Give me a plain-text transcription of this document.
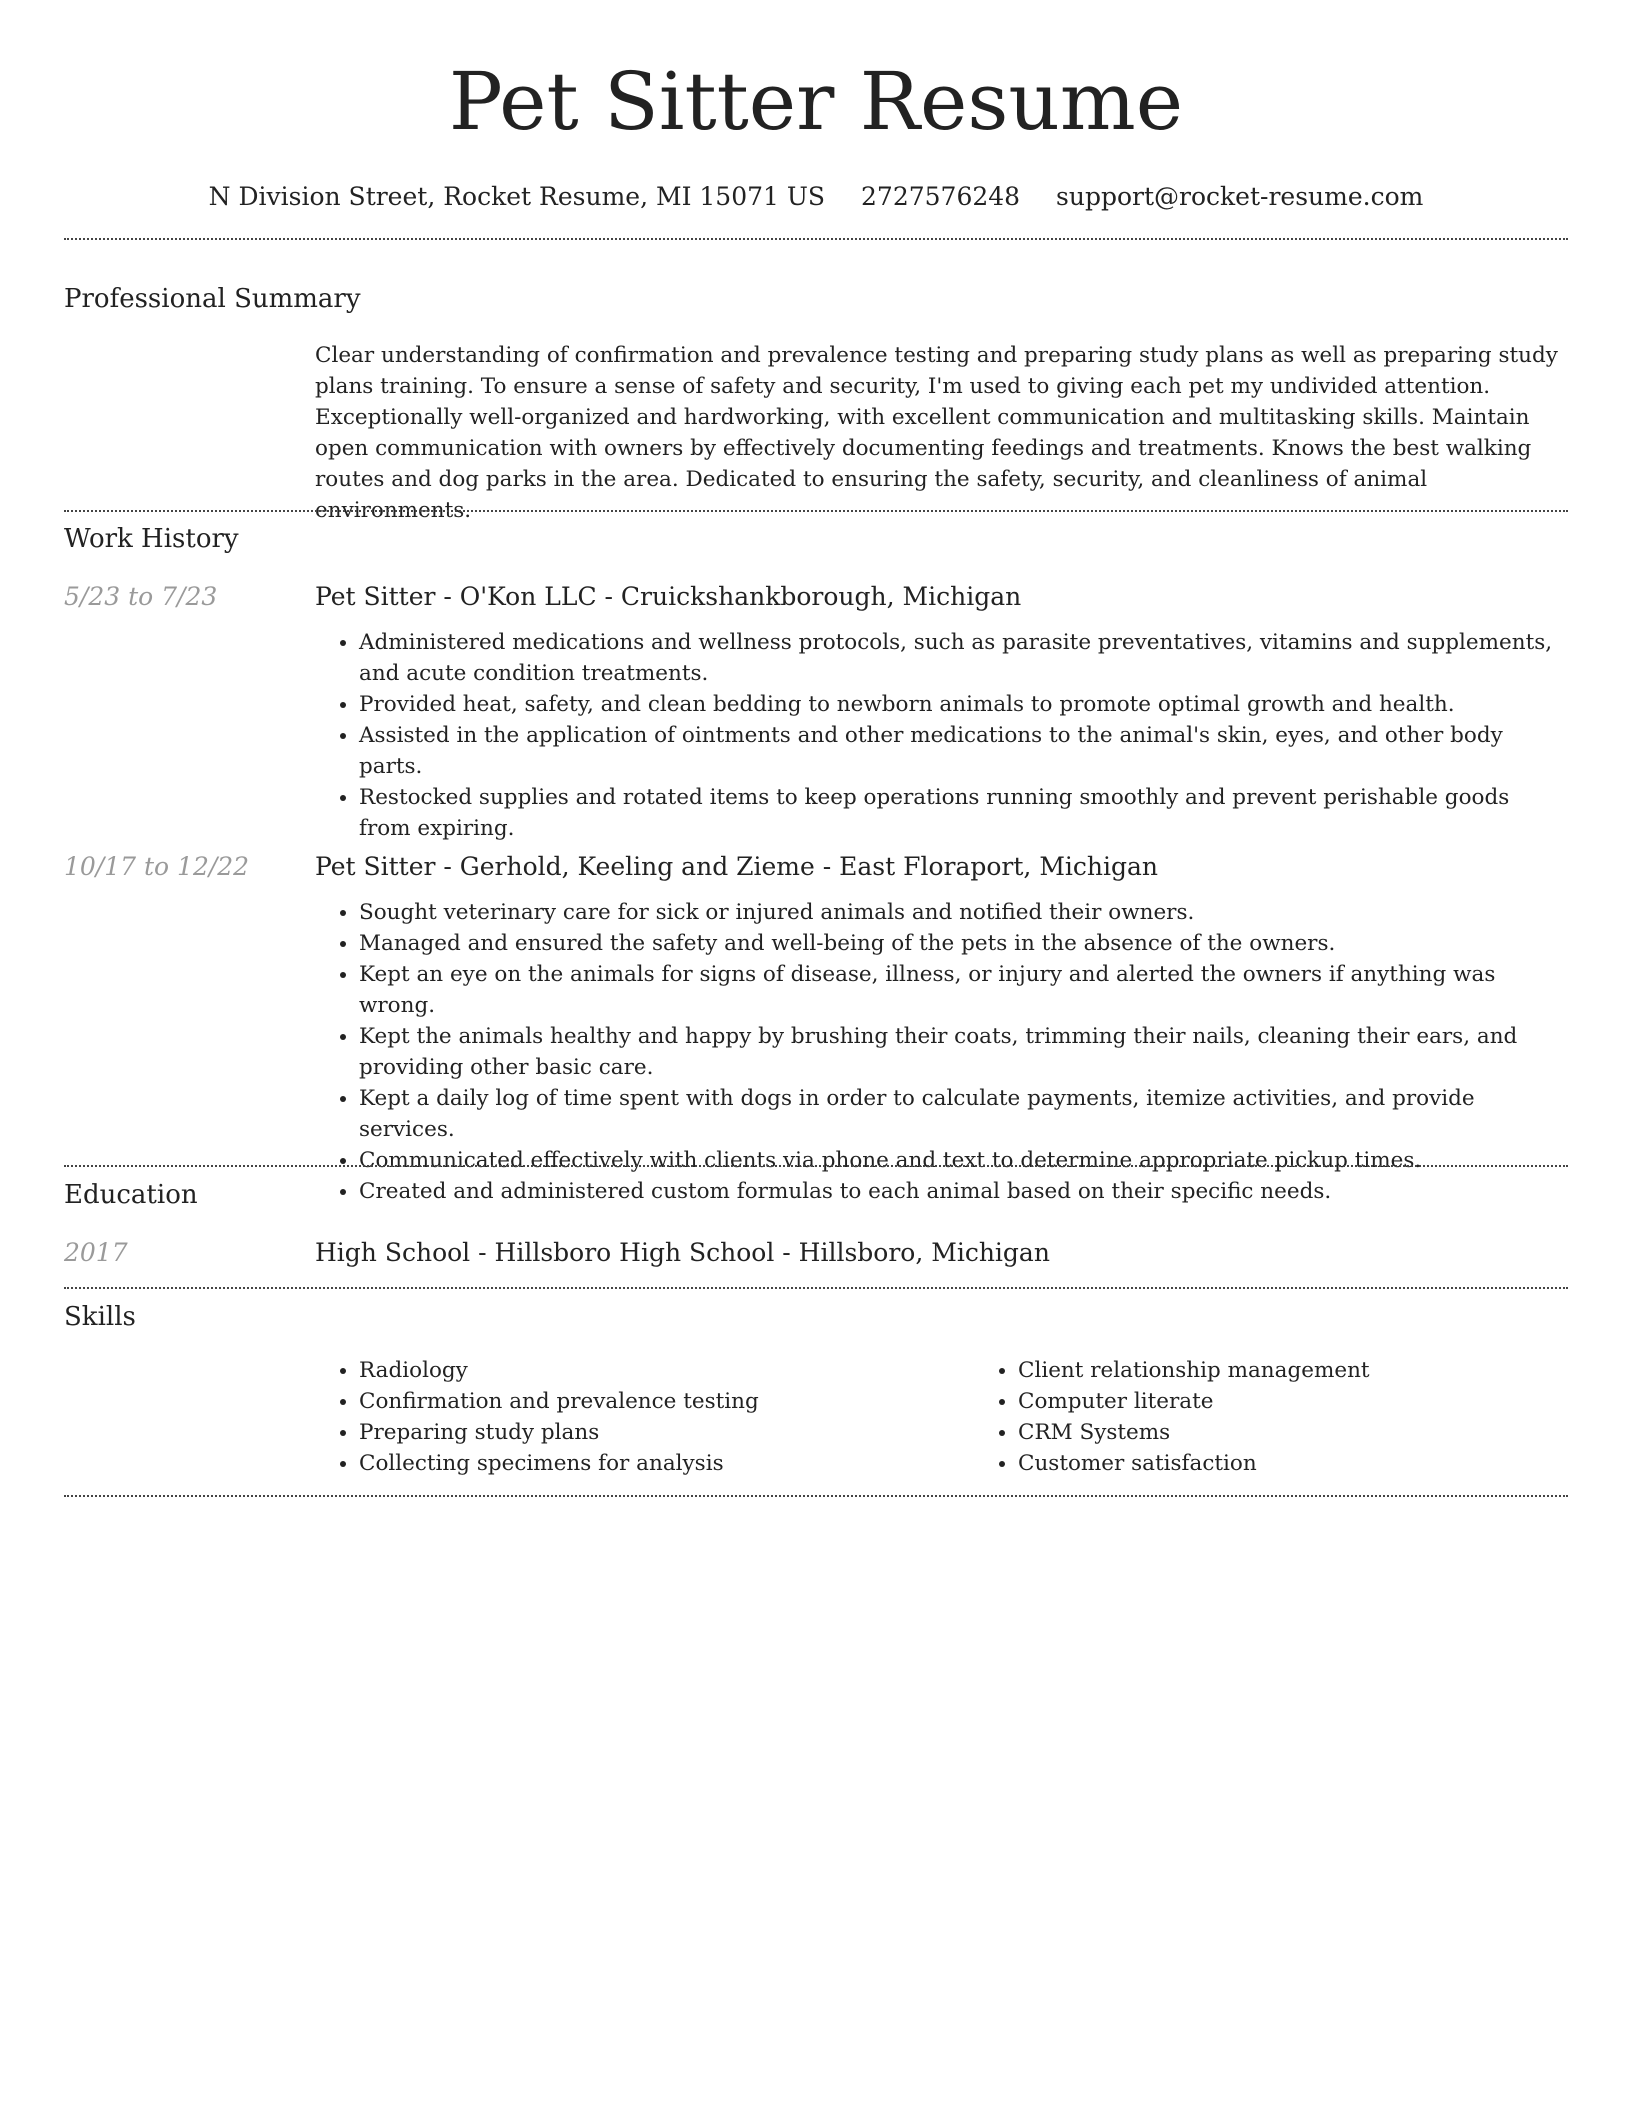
Pet Sitter Resume
N Division Street, Rocket Resume, MI 15071 US 2727576248 support@rocket-resume.com
Professional Summary

Clear understanding of confirmation and prevalence testing and preparing study plans as well as preparing study plans training. To ensure a sense of safety and security, I'm used to giving each pet my undivided attention. Exceptionally well-organized and hardworking, with excellent communication and multitasking skills. Maintain open communication with owners by effectively documenting feedings and treatments. Knows the best walking routes and dog parks in the area. Dedicated to ensuring the safety, security, and cleanliness of animal environments.

Work History
5/23 to 7/23	Pet Sitter - O'Kon LLC - Cruickshankborough, Michigan

• Administered medications and wellness protocols, such as parasite preventatives, vitamins and supplements, and acute condition treatments.
• Provided heat, safety, and clean bedding to newborn animals to promote optimal growth and health.
• Assisted in the application of ointments and other medications to the animal's skin, eyes, and other body parts.
• Restocked supplies and rotated items to keep operations running smoothly and prevent perishable goods from expiring.
10/17 to 12/22	Pet Sitter - Gerhold, Keeling and Zieme - East Floraport, Michigan

• Sought veterinary care for sick or injured animals and notified their owners.
• Managed and ensured the safety and well-being of the pets in the absence of the owners.
• Kept an eye on the animals for signs of disease, illness, or injury and alerted the owners if anything was wrong.
• Kept the animals healthy and happy by brushing their coats, trimming their nails, cleaning their ears, and providing other basic care.
• Kept a daily log of time spent with dogs in order to calculate payments, itemize activities, and provide services.
• Communicated effectively with clients via phone and text to determine appropriate pickup times.
• Created and administered custom formulas to each animal based on their specific needs.
Education
2017	High School - Hillsboro High School - Hillsboro, Michigan

Skills
• Radiology
• Confirmation and prevalence testing
• Preparing study plans
• Collecting specimens for analysis
• Client relationship management
• Computer literate
• CRM Systems
• Customer satisfaction
